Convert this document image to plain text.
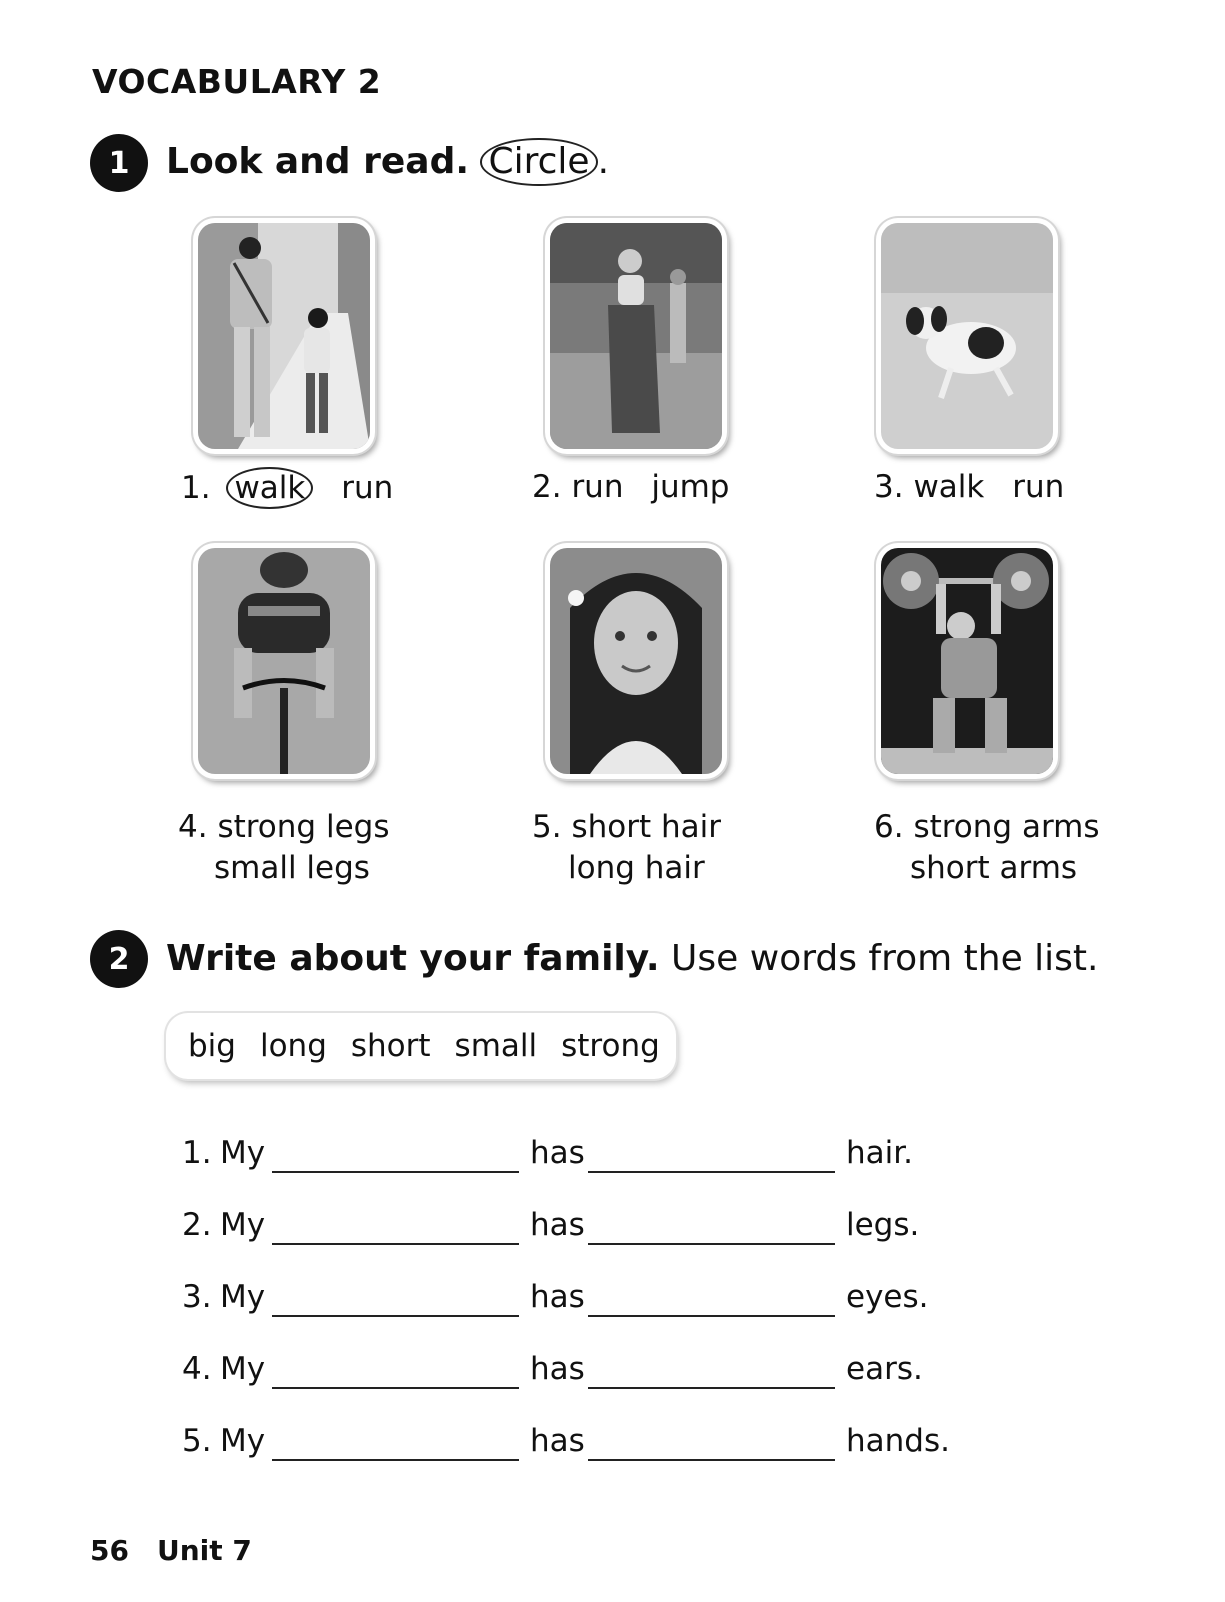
VOCABULARY 2
1	Look and read. Circle .
1. walk run	2. run jump	3. walk run
4. strong legs
small legs
5. short hair
long hair
6. strong arms
short arms
2	Write about your family. Use words from the list.
big long short small strong
1. My	has	hair.
2. My	has	legs.
3. My	has	eyes.
4. My	has	ears.
5. My	has	hands.
56 Unit 7
